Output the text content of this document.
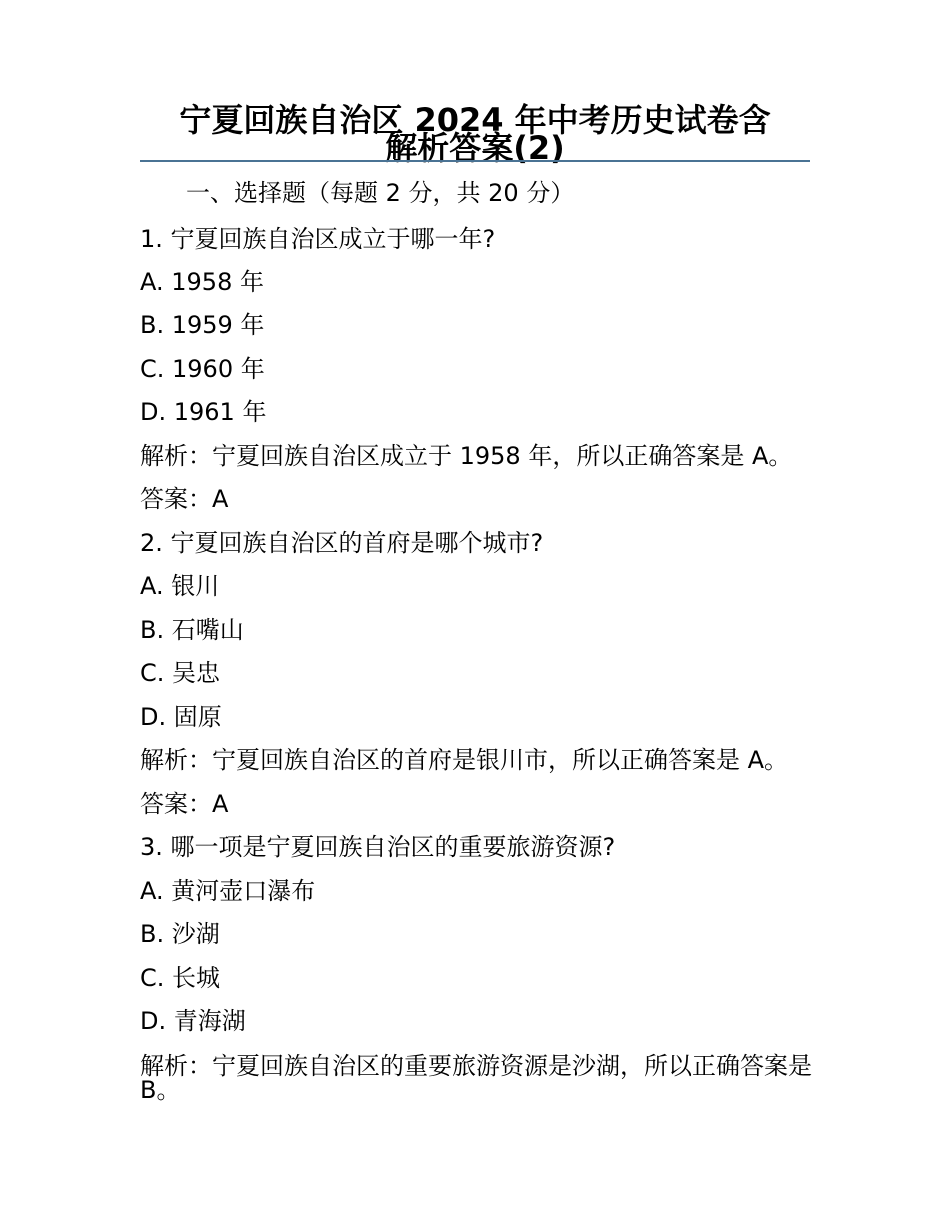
宁夏回族自治区 2024 年中考历史试卷含
解析答案(2)

一、选择题（每题 2 分，共 20 分）

1. 宁夏回族自治区成立于哪一年?

A. 1958 年

B. 1959 年

C. 1960 年

D. 1961 年

解析：宁夏回族自治区成立于 1958 年，所以正确答案是 A。

答案：A

2. 宁夏回族自治区的首府是哪个城市?

A. 银川

B. 石嘴山

C. 吴忠

D. 固原

解析：宁夏回族自治区的首府是银川市，所以正确答案是 A。

答案：A

3. 哪一项是宁夏回族自治区的重要旅游资源?

A. 黄河壶口瀑布

B. 沙湖

C. 长城

D. 青海湖

解析：宁夏回族自治区的重要旅游资源是沙湖，所以正确答案是 B。
